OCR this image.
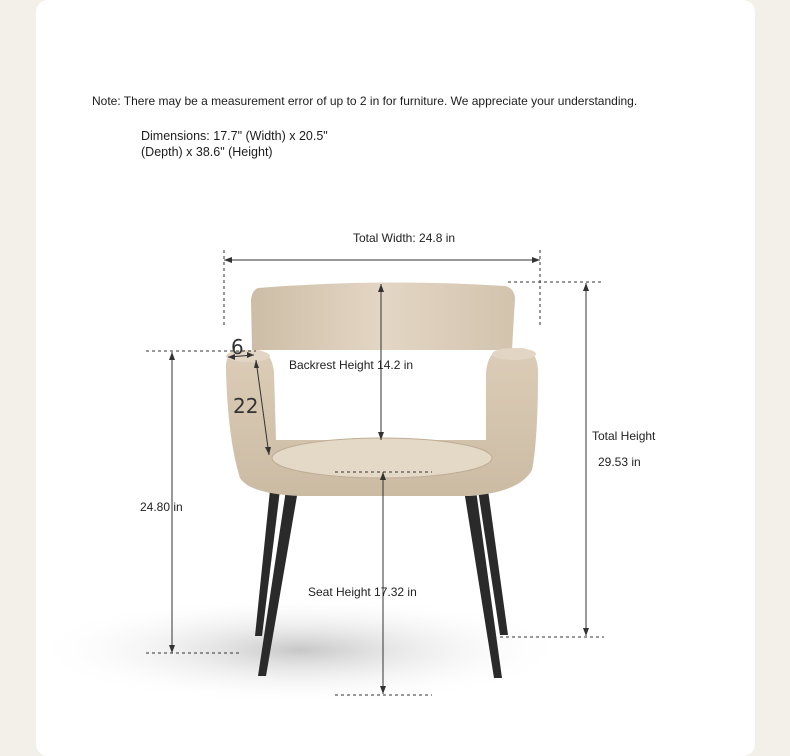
Note: There may be a measurement error of up to 2 in for furniture. We appreciate your understanding.
Dimensions: 17.7" (Width) x 20.5"
(Depth) x 38.6" (Height)
Total Width: 24.8 in
Backrest Height 14.2 in
Total Height
29.53 in
24.80 in
Seat Height 17.32 in
6
22
